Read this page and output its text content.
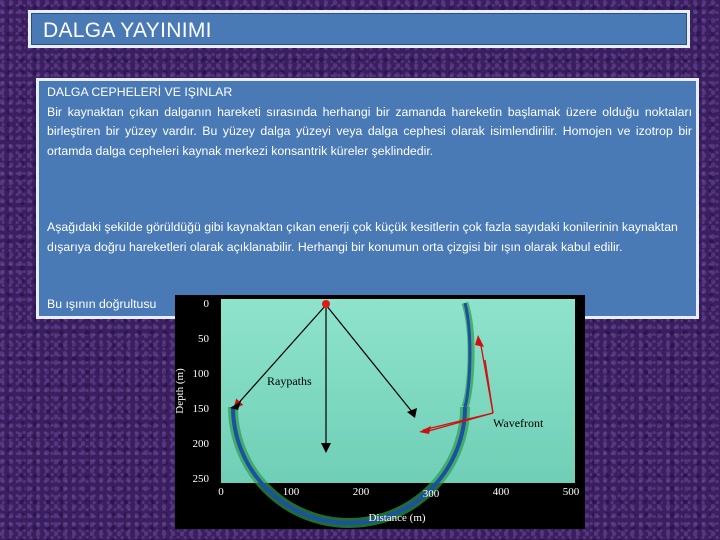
DALGA YAYINIMI
DALGA CEPHELERİ VE IŞINLAR
Bir kaynaktan çıkan dalganın hareketi sırasında herhangi bir zamanda hareketin başlamak üzere olduğu noktaları birleştiren bir yüzey vardır. Bu yüzey dalga yüzeyi veya dalga cephesi olarak isimlendirilir. Homojen ve izotrop bir ortamda dalga cepheleri kaynak merkezi konsantrik küreler şeklindedir.
Aşağıdaki şekilde görüldüğü gibi kaynaktan çıkan enerji çok küçük kesitlerin çok fazla sayıdaki konilerinin kaynaktan dışarıya doğru hareketleri olarak açıklanabilir. Herhangi bir konumun orta çizgisi bir ışın olarak kabul edilir.
Bu ışının doğrultusu
Raypaths
Wavefront
Depth (m)
Distance (m)
0
50
100
150
200
250
0	100	200	300	400	500
